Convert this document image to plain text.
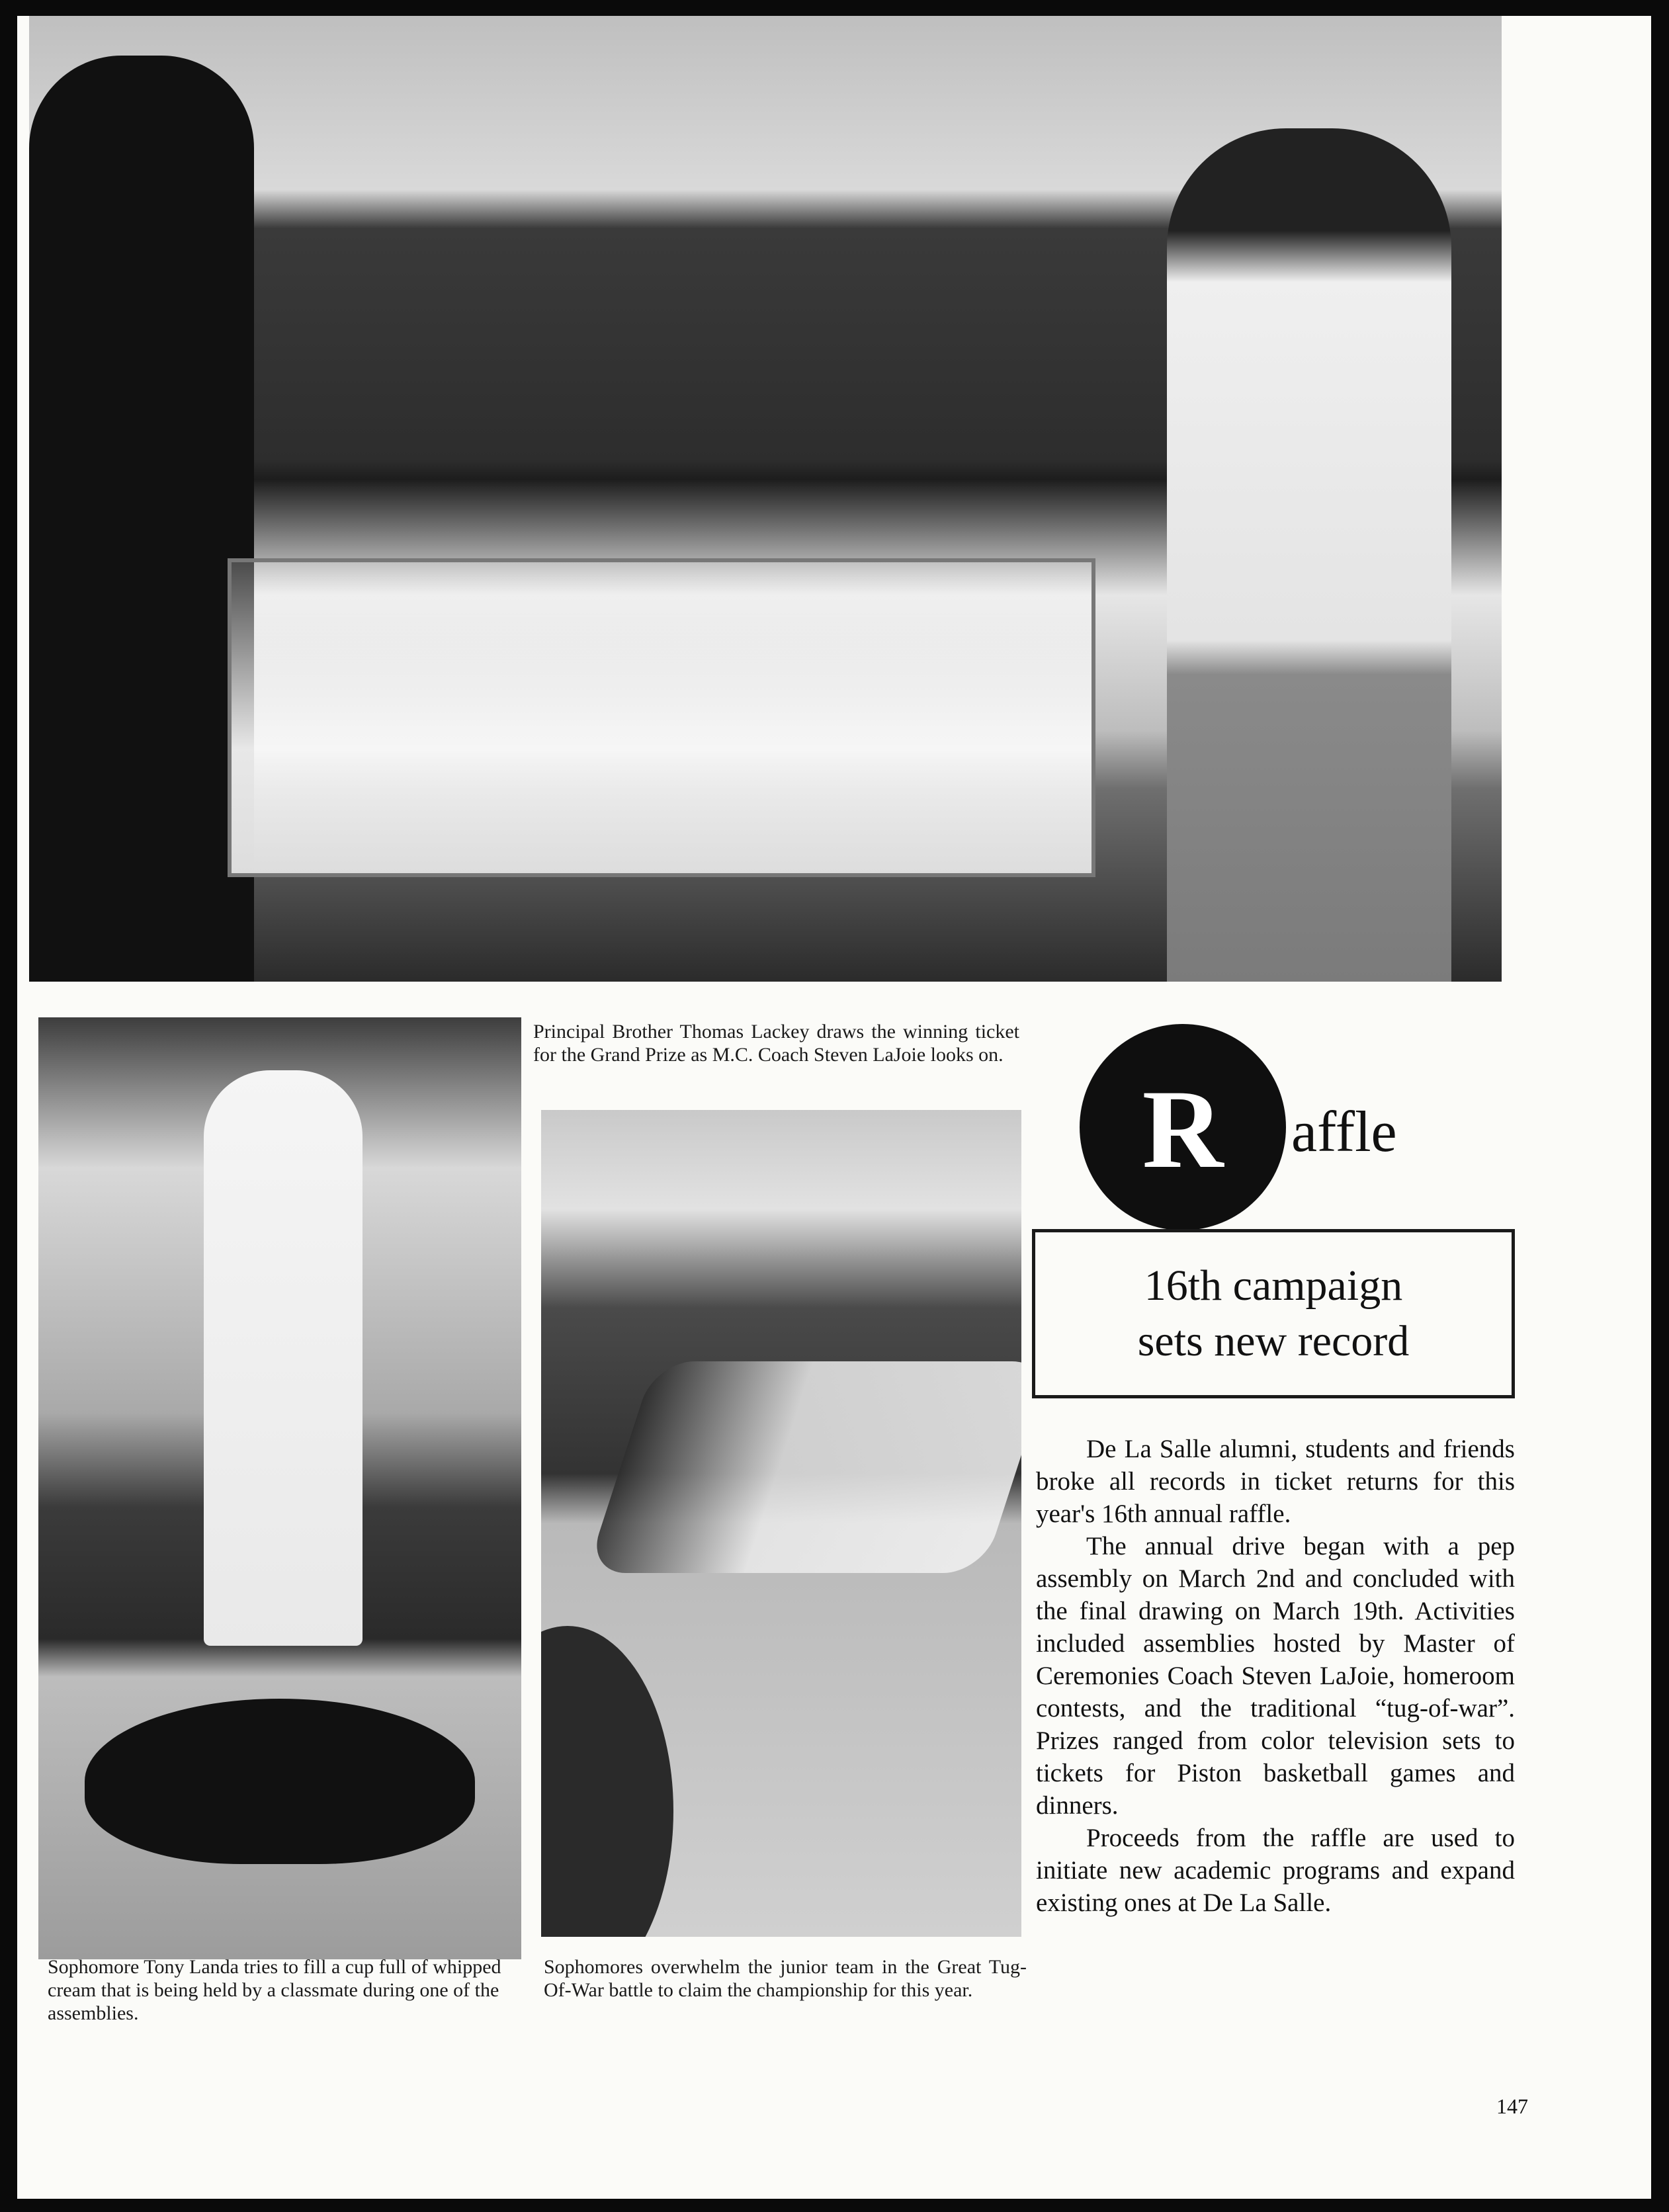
Principal Brother Thomas Lackey draws the winning ticket for the Grand Prize as M.C. Coach Steven LaJoie looks on.

R affle
16th campaign
sets new record

De La Salle alumni, students and friends broke all records in ticket returns for this year's 16th annual raffle.

The annual drive began with a pep assembly on March 2nd and concluded with the final drawing on March 19th. Activities included assemblies hosted by Master of Ceremonies Coach Steven LaJoie, homeroom contests, and the traditional “tug-of-war”. Prizes ranged from color television sets to tickets for Piston basketball games and dinners.

Proceeds from the raffle are used to initiate new academic programs and expand existing ones at De La Salle.

Sophomore Tony Landa tries to fill a cup full of whipped cream that is being held by a classmate during one of the assemblies.

Sophomores overwhelm the junior team in the Great Tug-Of-War battle to claim the championship for this year.

147
